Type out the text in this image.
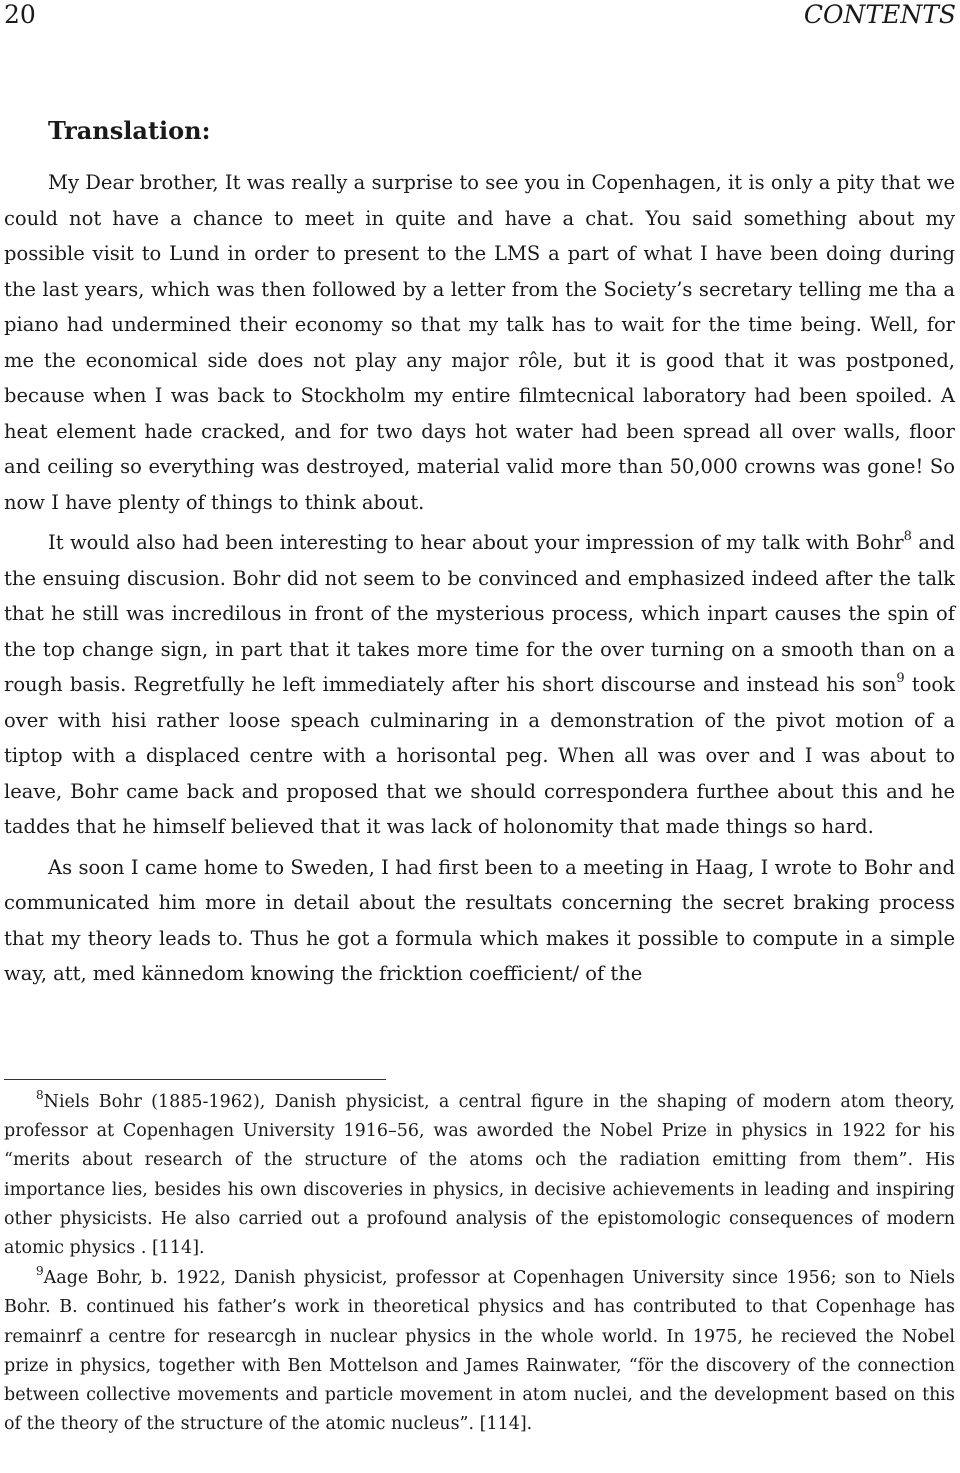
20	CONTENTS
Translation:

My Dear brother, It was really a surprise to see you in Copenhagen, it is only a pity that we could not have a chance to meet in quite and have a chat. You said something about my possible visit to Lund in order to present to the LMS a part of what I have been doing during the last years, which was then followed by a letter from the Society’s secretary telling me tha a piano had undermined their economy so that my talk has to wait for the time being. Well, for me the economical side does not play any major rôle, but it is good that it was postponed, because when I was back to Stockholm my entire filmtecnical laboratory had been spoiled. A heat element hade cracked, and for two days hot water had been spread all over walls, floor and ceiling so everything was destroyed, material valid more than 50,000 crowns was gone! So now I have plenty of things to think about.

It would also had been interesting to hear about your impression of my talk with Bohr$^8$ and the ensuing discusion. Bohr did not seem to be convinced and emphasized indeed after the talk that he still was incredilous in front of the mysterious process, which inpart causes the spin of the top change sign, in part that it takes more time for the over turning on a smooth than on a rough basis. Regretfully he left immediately after his short discourse and instead his son$^9$ took over with hisi rather loose speach culminaring in a demonstration of the pivot motion of a tiptop with a displaced centre with a horisontal peg. When all was over and I was about to leave, Bohr came back and proposed that we should correspondera furthee about this and he taddes that he himself believed that it was lack of holonomity that made things so hard.

As soon I came home to Sweden, I had first been to a meeting in Haag, I wrote to Bohr and communicated him more in detail about the resultats concerning the secret braking process that my theory leads to. Thus he got a formula which makes it possible to compute in a simple way, att, med kännedom knowing the fricktion coefficient/ of the

$^8$Niels Bohr (1885-1962), Danish physicist, a central figure in the shaping of modern atom theory, professor at Copenhagen University 1916–56, was aworded the Nobel Prize in physics in 1922 for his “merits about research of the structure of the atoms och the radiation emitting from them”. His importance lies, besides his own discoveries in physics, in decisive achievements in leading and inspiring other physicists. He also carried out a profound analysis of the epistomologic consequences of modern atomic physics . [114].

$^9$Aage Bohr, b. 1922, Danish physicist, professor at Copenhagen University since 1956; son to Niels Bohr. B. continued his father’s work in theoretical physics and has contributed to that Copenhage has remainrf a centre for researcgh in nuclear physics in the whole world. In 1975, he recieved the Nobel prize in physics, together with Ben Mottelson and James Rainwater, “för the discovery of the connection between collective movements and particle movement in atom nuclei, and the development based on this of the theory of the structure of the atomic nucleus”. [114].
